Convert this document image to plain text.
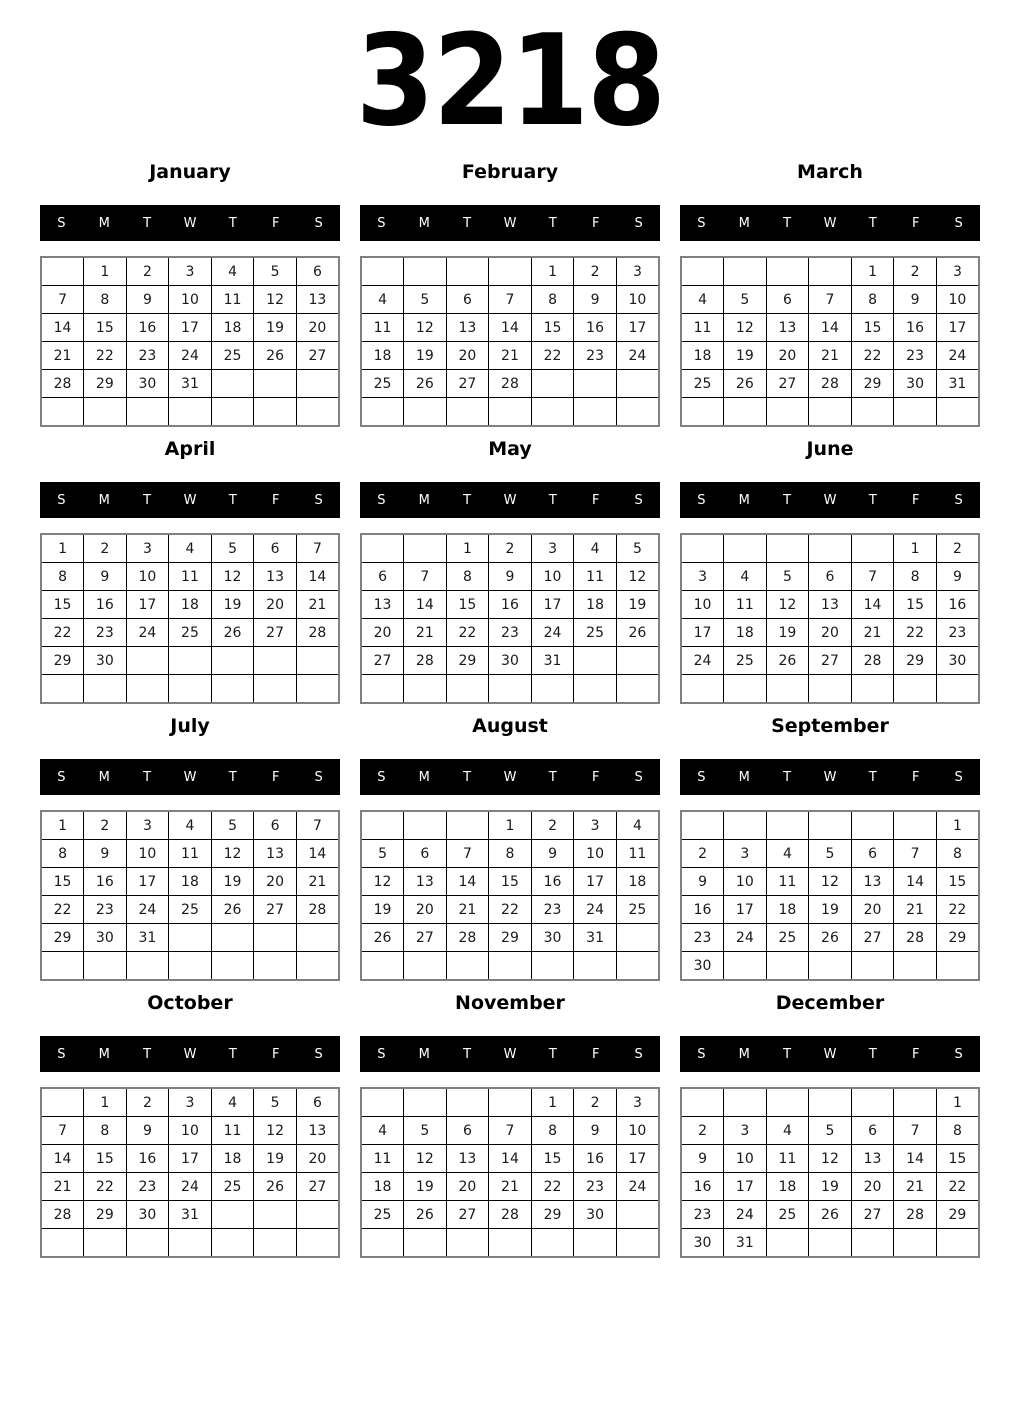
3218
January
S	M	T	W	T	F	S
	1	2	3	4	5	6
7	8	9	10	11	12	13
14	15	16	17	18	19	20
21	22	23	24	25	26	27
28	29	30	31			

February
S	M	T	W	T	F	S
				1	2	3
4	5	6	7	8	9	10
11	12	13	14	15	16	17
18	19	20	21	22	23	24
25	26	27	28			

March
S	M	T	W	T	F	S
				1	2	3
4	5	6	7	8	9	10
11	12	13	14	15	16	17
18	19	20	21	22	23	24
25	26	27	28	29	30	31

April
S	M	T	W	T	F	S
1	2	3	4	5	6	7
8	9	10	11	12	13	14
15	16	17	18	19	20	21
22	23	24	25	26	27	28
29	30					

May
S	M	T	W	T	F	S
		1	2	3	4	5
6	7	8	9	10	11	12
13	14	15	16	17	18	19
20	21	22	23	24	25	26
27	28	29	30	31		

June
S	M	T	W	T	F	S
					1	2
3	4	5	6	7	8	9
10	11	12	13	14	15	16
17	18	19	20	21	22	23
24	25	26	27	28	29	30

July
S	M	T	W	T	F	S
1	2	3	4	5	6	7
8	9	10	11	12	13	14
15	16	17	18	19	20	21
22	23	24	25	26	27	28
29	30	31				

August
S	M	T	W	T	F	S
			1	2	3	4
5	6	7	8	9	10	11
12	13	14	15	16	17	18
19	20	21	22	23	24	25
26	27	28	29	30	31	

September
S	M	T	W	T	F	S
						1
2	3	4	5	6	7	8
9	10	11	12	13	14	15
16	17	18	19	20	21	22
23	24	25	26	27	28	29
30						
October
S	M	T	W	T	F	S
	1	2	3	4	5	6
7	8	9	10	11	12	13
14	15	16	17	18	19	20
21	22	23	24	25	26	27
28	29	30	31			

November
S	M	T	W	T	F	S
				1	2	3
4	5	6	7	8	9	10
11	12	13	14	15	16	17
18	19	20	21	22	23	24
25	26	27	28	29	30	

December
S	M	T	W	T	F	S
						1
2	3	4	5	6	7	8
9	10	11	12	13	14	15
16	17	18	19	20	21	22
23	24	25	26	27	28	29
30	31					
